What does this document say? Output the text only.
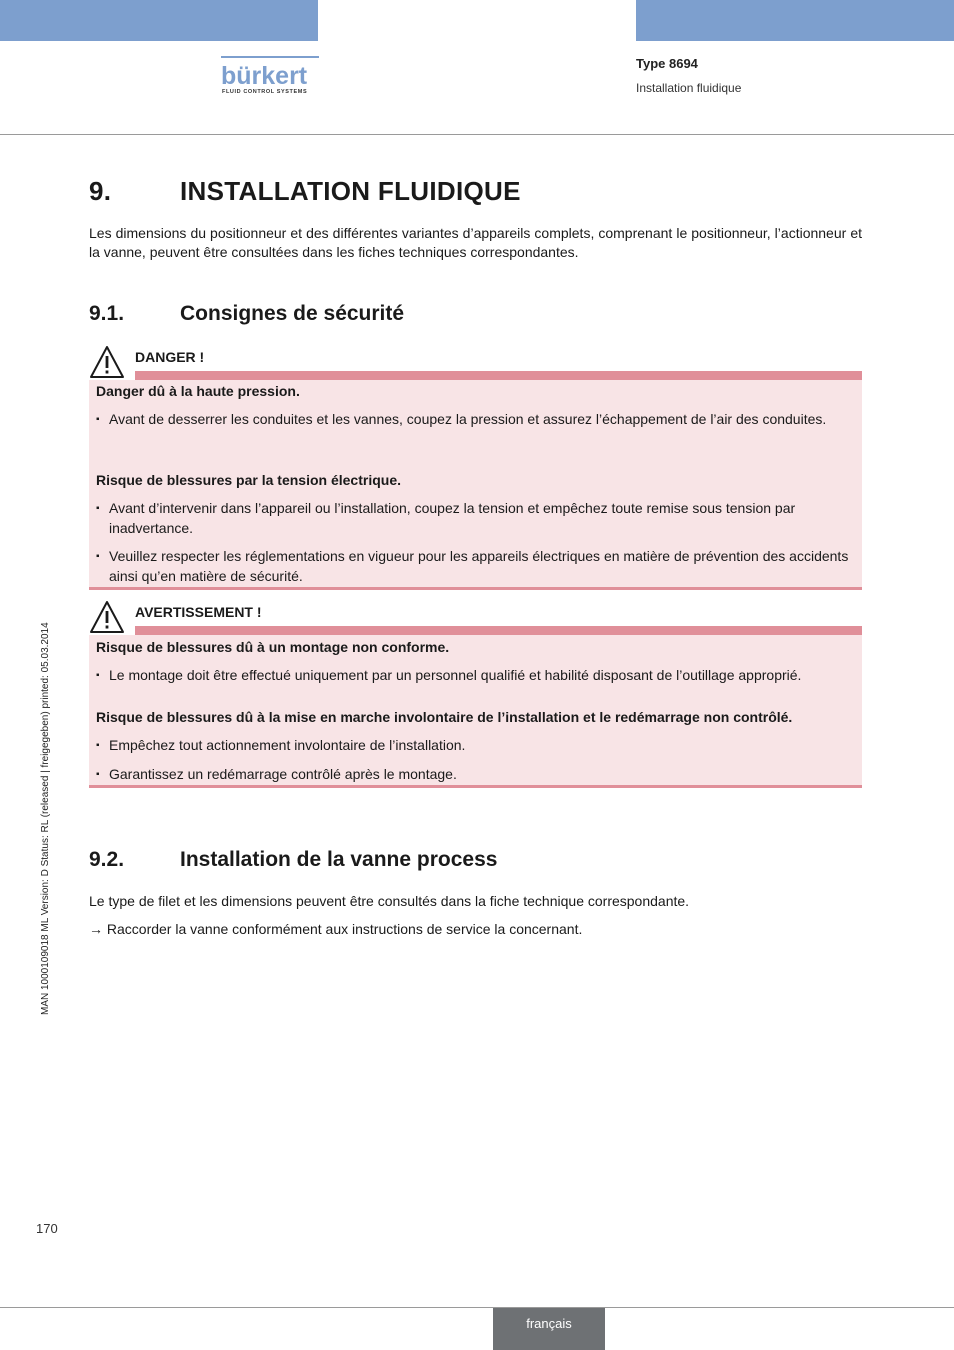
bürkert
FLUID CONTROL SYSTEMS
Type 8694
Installation fluidique
MAN 1000109018 ML Version: D Status: RL (released | freigegeben) printed: 05.03.2014
9.	INSTALLATION FLUIDIQUE
Les dimensions du positionneur et des différentes variantes d’appareils complets, comprenant le positionneur, l’actionneur et la vanne, peuvent être consultées dans les fiches techniques correspondantes.
9.1.	Consignes de sécurité
DANGER !
Danger dû à la haute pression.
▪ Avant de desserrer les conduites et les vannes, coupez la pression et assurez l’échappement de l’air des conduites.
Risque de blessures par la tension électrique.
▪ Avant d’intervenir dans l’appareil ou l’installation, coupez la tension et empêchez toute remise sous tension par inadvertance.
▪ Veuillez respecter les réglementations en vigueur pour les appareils électriques en matière de prévention des accidents ainsi qu’en matière de sécurité.
AVERTISSEMENT !
Risque de blessures dû à un montage non conforme.
▪ Le montage doit être effectué uniquement par un personnel qualifié et habilité disposant de l’outillage approprié.
Risque de blessures dû à la mise en marche involontaire de l’installation et le redémarrage non contrôlé.
▪ Empêchez tout actionnement involontaire de l’installation.
▪ Garantissez un redémarrage contrôlé après le montage.
9.2.	Installation de la vanne process
Le type de filet et les dimensions peuvent être consultés dans la fiche technique correspondante.
→ Raccorder la vanne conformément aux instructions de service la concernant.
170
français
